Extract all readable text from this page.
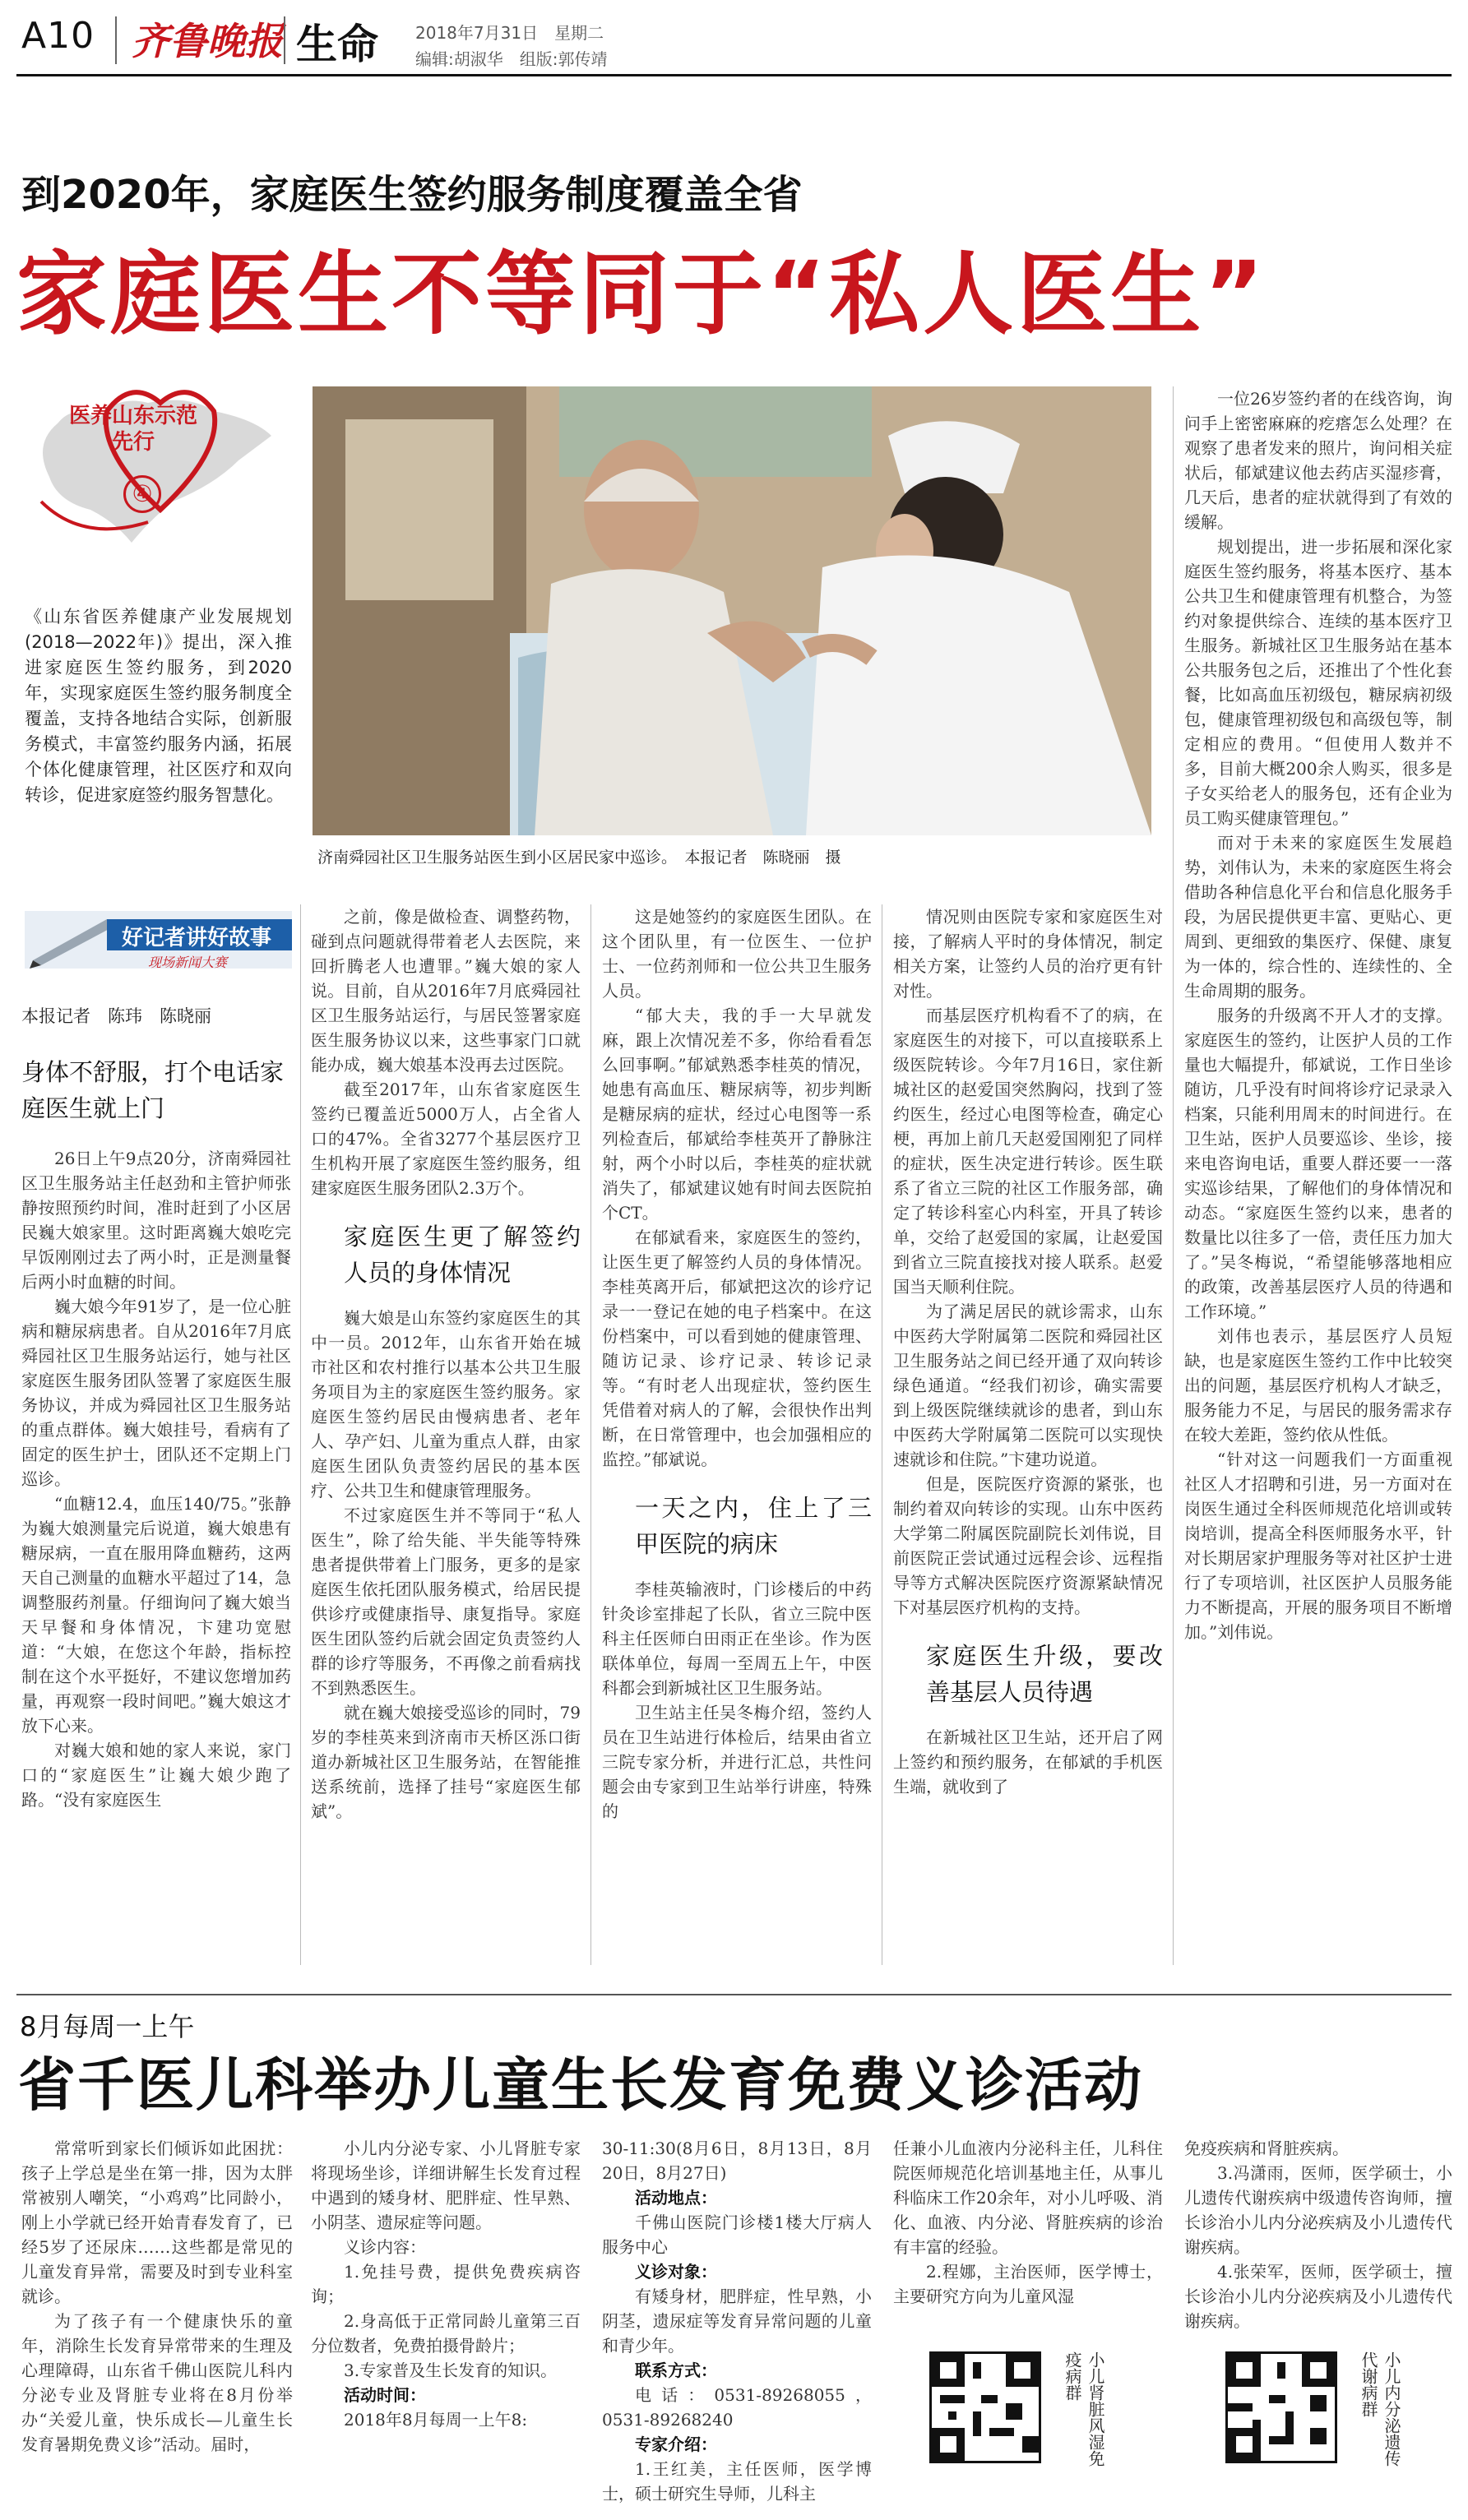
A10 齐鲁晚报 生命 2018年7月31日　星期二
编辑:胡淑华　组版:郭传靖
到2020年，家庭医生签约服务制度覆盖全省
家庭医生不等同于“私人医生”
医养山东示范先行
④
《山东省医养健康产业发展规划(2018—2022年)》提出，深入推进家庭医生签约服务，到2020年，实现家庭医生签约服务制度全覆盖，支持各地结合实际，创新服务模式，丰富签约服务内涵，拓展个体化健康管理，社区医疗和双向转诊，促进家庭签约服务智慧化。
济南舜园社区卫生服务站医生到小区居民家中巡诊。　本报记者　陈晓丽　摄
好记者讲好故事
现场新闻大赛
本报记者　陈玮　陈晓丽
身体不舒服，打个电话家庭医生就上门

26日上午9点20分，济南舜园社区卫生服务站主任赵劲和主管护师张静按照预约时间，准时赶到了小区居民巍大娘家里。这时距离巍大娘吃完早饭刚刚过去了两小时，正是测量餐后两小时血糖的时间。

巍大娘今年91岁了，是一位心脏病和糖尿病患者。自从2016年7月底舜园社区卫生服务站运行，她与社区家庭医生服务团队签署了家庭医生服务协议，并成为舜园社区卫生服务站的重点群体。巍大娘挂号，看病有了固定的医生护士，团队还不定期上门巡诊。

“血糖12.4，血压140/75。”张静为巍大娘测量完后说道，巍大娘患有糖尿病，一直在服用降血糖药，这两天自己测量的血糖水平超过了14，急调整服药剂量。仔细询问了巍大娘当天早餐和身体情况，卞建功宽慰道：“大娘，在您这个年龄，指标控制在这个水平挺好，不建议您增加药量，再观察一段时间吧。”巍大娘这才放下心来。

对巍大娘和她的家人来说，家门口的“家庭医生”让巍大娘少跑了路。“没有家庭医生

之前，像是做检查、调整药物，碰到点问题就得带着老人去医院，来回折腾老人也遭罪。”巍大娘的家人说。目前，自从2016年7月底舜园社区卫生服务站运行，与居民签署家庭医生服务协议以来，这些事家门口就能办成，巍大娘基本没再去过医院。

截至2017年，山东省家庭医生签约已覆盖近5000万人，占全省人口的47%。全省3277个基层医疗卫生机构开展了家庭医生签约服务，组建家庭医生服务团队2.3万个。

家庭医生更了解签约人员的身体情况

巍大娘是山东签约家庭医生的其中一员。2012年，山东省开始在城市社区和农村推行以基本公共卫生服务项目为主的家庭医生签约服务。家庭医生签约居民由慢病患者、老年人、孕产妇、儿童为重点人群，由家庭医生团队负责签约居民的基本医疗、公共卫生和健康管理服务。

不过家庭医生并不等同于“私人医生”，除了给失能、半失能等特殊患者提供带着上门服务，更多的是家庭医生依托团队服务模式，给居民提供诊疗或健康指导、康复指导。家庭医生团队签约后就会固定负责签约人群的诊疗等服务，不再像之前看病找不到熟悉医生。

就在巍大娘接受巡诊的同时，79岁的李桂英来到济南市天桥区泺口街道办新城社区卫生服务站，在智能推送系统前，选择了挂号“家庭医生郁斌”。

这是她签约的家庭医生团队。在这个团队里，有一位医生、一位护士、一位药剂师和一位公共卫生服务人员。

“郁大夫，我的手一大早就发麻，跟上次情况差不多，你给看看怎么回事啊。”郁斌熟悉李桂英的情况，她患有高血压、糖尿病等，初步判断是糖尿病的症状，经过心电图等一系列检查后，郁斌给李桂英开了静脉注射，两个小时以后，李桂英的症状就消失了，郁斌建议她有时间去医院拍个CT。

在郁斌看来，家庭医生的签约，让医生更了解签约人员的身体情况。李桂英离开后，郁斌把这次的诊疗记录一一登记在她的电子档案中。在这份档案中，可以看到她的健康管理、随访记录、诊疗记录、转诊记录等。“有时老人出现症状，签约医生凭借着对病人的了解，会很快作出判断，在日常管理中，也会加强相应的监控。”郁斌说。

一天之内，住上了三甲医院的病床

李桂英输液时，门诊楼后的中药针灸诊室排起了长队，省立三院中医科主任医师白田雨正在坐诊。作为医联体单位，每周一至周五上午，中医科都会到新城社区卫生服务站。

卫生站主任吴冬梅介绍，签约人员在卫生站进行体检后，结果由省立三院专家分析，并进行汇总，共性问题会由专家到卫生站举行讲座，特殊的

情况则由医院专家和家庭医生对接，了解病人平时的身体情况，制定相关方案，让签约人员的治疗更有针对性。

而基层医疗机构看不了的病，在家庭医生的对接下，可以直接联系上级医院转诊。今年7月16日，家住新城社区的赵爱国突然胸闷，找到了签约医生，经过心电图等检查，确定心梗，再加上前几天赵爱国刚犯了同样的症状，医生决定进行转诊。医生联系了省立三院的社区工作服务部，确定了转诊科室心内科室，开具了转诊单，交给了赵爱国的家属，让赵爱国到省立三院直接找对接人联系。赵爱国当天顺利住院。

为了满足居民的就诊需求，山东中医药大学附属第二医院和舜园社区卫生服务站之间已经开通了双向转诊绿色通道。“经我们初诊，确实需要到上级医院继续就诊的患者，到山东中医药大学附属第二医院可以实现快速就诊和住院。”卞建功说道。

但是，医院医疗资源的紧张，也制约着双向转诊的实现。山东中医药大学第二附属医院副院长刘伟说，目前医院正尝试通过远程会诊、远程指导等方式解决医院医疗资源紧缺情况下对基层医疗机构的支持。

家庭医生升级，要改善基层人员待遇

在新城社区卫生站，还开启了网上签约和预约服务，在郁斌的手机医生端，就收到了

一位26岁签约者的在线咨询，询问手上密密麻麻的疙瘩怎么处理？在观察了患者发来的照片，询问相关症状后，郁斌建议他去药店买湿疹膏，几天后，患者的症状就得到了有效的缓解。

规划提出，进一步拓展和深化家庭医生签约服务，将基本医疗、基本公共卫生和健康管理有机整合，为签约对象提供综合、连续的基本医疗卫生服务。新城社区卫生服务站在基本公共服务包之后，还推出了个性化套餐，比如高血压初级包，糖尿病初级包，健康管理初级包和高级包等，制定相应的费用。“但使用人数并不多，目前大概200余人购买，很多是子女买给老人的服务包，还有企业为员工购买健康管理包。”

而对于未来的家庭医生发展趋势，刘伟认为，未来的家庭医生将会借助各种信息化平台和信息化服务手段，为居民提供更丰富、更贴心、更周到、更细致的集医疗、保健、康复为一体的，综合性的、连续性的、全生命周期的服务。

服务的升级离不开人才的支撑。家庭医生的签约，让医护人员的工作量也大幅提升，郁斌说，工作日坐诊随访，几乎没有时间将诊疗记录录入档案，只能利用周末的时间进行。在卫生站，医护人员要巡诊、坐诊，接来电咨询电话，重要人群还要一一落实巡诊结果，了解他们的身体情况和动态。“家庭医生签约以来，患者的数量比以往多了一倍，责任压力加大了。”吴冬梅说，“希望能够落地相应的政策，改善基层医疗人员的待遇和工作环境。”

刘伟也表示，基层医疗人员短缺，也是家庭医生签约工作中比较突出的问题，基层医疗机构人才缺乏，服务能力不足，与居民的服务需求存在较大差距，签约依从性低。

“针对这一问题我们一方面重视社区人才招聘和引进，另一方面对在岗医生通过全科医师规范化培训或转岗培训，提高全科医师服务水平，针对长期居家护理服务等对社区护士进行了专项培训，社区医护人员服务能力不断提高，开展的服务项目不断增加。”刘伟说。

8月每周一上午
省千医儿科举办儿童生长发育免费义诊活动

常常听到家长们倾诉如此困扰：孩子上学总是坐在第一排，因为太胖常被别人嘲笑，“小鸡鸡”比同龄小，刚上小学就已经开始青春发育了，已经5岁了还尿床……这些都是常见的儿童发育异常，需要及时到专业科室就诊。

为了孩子有一个健康快乐的童年，消除生长发育异常带来的生理及心理障碍，山东省千佛山医院儿科内分泌专业及肾脏专业将在8月份举办“关爱儿童，快乐成长—儿童生长发育暑期免费义诊”活动。届时，

小儿内分泌专家、小儿肾脏专家将现场坐诊，详细讲解生长发育过程中遇到的矮身材、肥胖症、性早熟、小阴茎、遗尿症等问题。

义诊内容：

1.免挂号费，提供免费疾病咨询；

2.身高低于正常同龄儿童第三百分位数者，免费拍摄骨龄片；

3.专家普及生长发育的知识。

活动时间：

2018年8月每周一上午8:

30-11:30(8月6日，8月13日，8月20日，8月27日)

活动地点：

千佛山医院门诊楼1楼大厅病人服务中心

义诊对象：

有矮身材，肥胖症，性早熟，小阴茎，遗尿症等发育异常问题的儿童和青少年。

联系方式：

电话：0531-89268055，0531-89268240

专家介绍：

1.王红美，主任医师，医学博士，硕士研究生导师，儿科主

任兼小儿血液内分泌科主任，儿科住院医师规范化培训基地主任，从事儿科临床工作20余年，对小儿呼吸、消化、血液、内分泌、肾脏疾病的诊治有丰富的经验。

2.程娜，主治医师，医学博士，主要研究方向为儿童风湿

免疫疾病和肾脏疾病。

3.冯潇雨，医师，医学硕士，小儿遗传代谢疾病中级遗传咨询师，擅长诊治小儿内分泌疾病及小儿遗传代谢疾病。

4.张荣军，医师，医学硕士，擅长诊治小儿内分泌疾病及小儿遗传代谢疾病。

小儿肾脏风湿免疫病群	小儿内分泌遗传代谢病群
